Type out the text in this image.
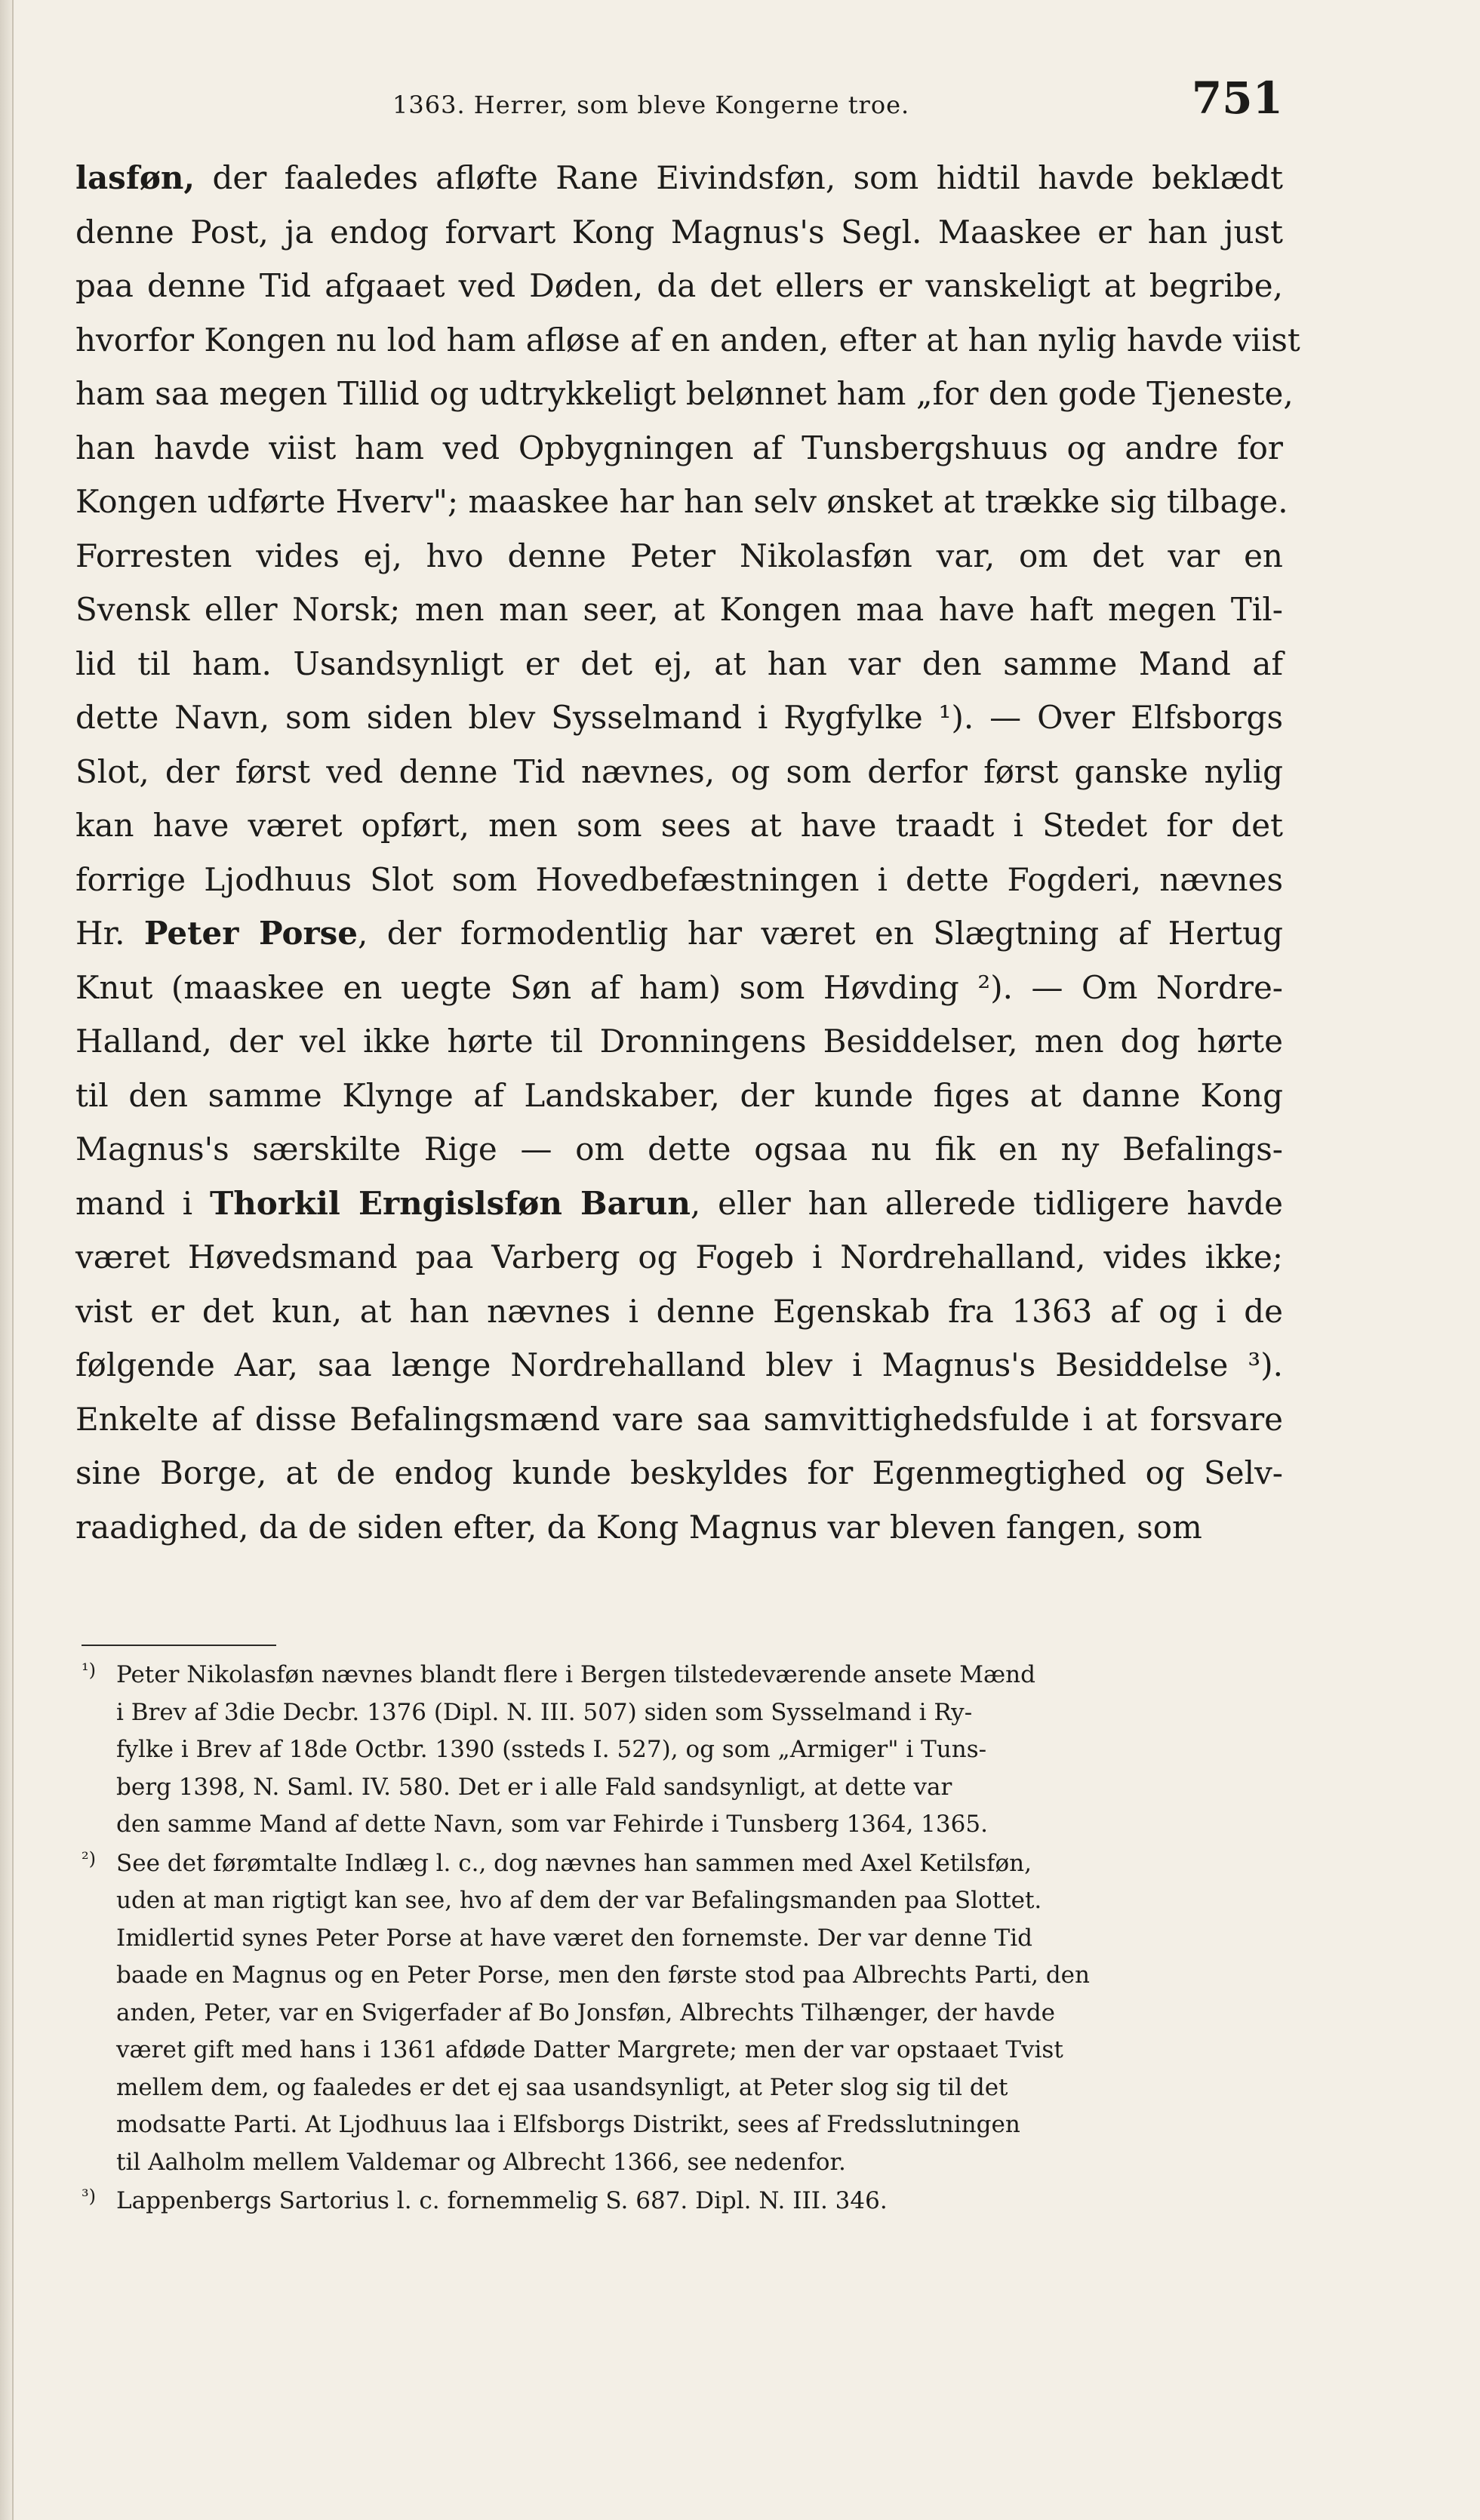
1363. Herrer, som bleve Kongerne troe.	751
lasføn, der faaledes afløfte Rane Eivindsføn, som hidtil havde beklædt
denne Post, ja endog forvart Kong Magnus's Segl. Maaskee er han just
paa denne Tid afgaaet ved Døden, da det ellers er vanskeligt at begribe,
hvorfor Kongen nu lod ham afløse af en anden, efter at han nylig havde viist
ham saa megen Tillid og udtrykkeligt belønnet ham „for den gode Tjeneste,
han havde viist ham ved Opbygningen af Tunsbergshuus og andre for
Kongen udførte Hverv"; maaskee har han selv ønsket at trække sig tilbage.
Forresten vides ej, hvo denne Peter Nikolasføn var, om det var en
Svensk eller Norsk; men man seer, at Kongen maa have haft megen Til-
lid til ham. Usandsynligt er det ej, at han var den samme Mand af
dette Navn, som siden blev Sysselmand i Rygfylke ¹). — Over Elfsborgs
Slot, der først ved denne Tid nævnes, og som derfor først ganske nylig
kan have været opført, men som sees at have traadt i Stedet for det
forrige Ljodhuus Slot som Hovedbefæstningen i dette Fogderi, nævnes
Hr. Peter Porse, der formodentlig har været en Slægtning af Hertug
Knut (maaskee en uegte Søn af ham) som Høvding ²). — Om Nordre-
Halland, der vel ikke hørte til Dronningens Besiddelser, men dog hørte
til den samme Klynge af Landskaber, der kunde figes at danne Kong
Magnus's særskilte Rige — om dette ogsaa nu fik en ny Befalings-
mand i Thorkil Erngislsføn Barun, eller han allerede tidligere havde
været Høvedsmand paa Varberg og Fogeb i Nordrehalland, vides ikke;
vist er det kun, at han nævnes i denne Egenskab fra 1363 af og i de
følgende Aar, saa længe Nordrehalland blev i Magnus's Besiddelse ³).
Enkelte af disse Befalingsmænd vare saa samvittighedsfulde i at forsvare
sine Borge, at de endog kunde beskyldes for Egenmegtighed og Selv-
raadighed, da de siden efter, da Kong Magnus var bleven fangen, som
¹) Peter Nikolasføn nævnes blandt flere i Bergen tilstedeværende ansete Mænd
i Brev af 3die Decbr. 1376 (Dipl. N. III. 507) siden som Sysselmand i Ry-
fylke i Brev af 18de Octbr. 1390 (ssteds I. 527), og som „Armiger" i Tuns-
berg 1398, N. Saml. IV. 580. Det er i alle Fald sandsynligt, at dette var
den samme Mand af dette Navn, som var Fehirde i Tunsberg 1364, 1365.
²) See det førømtalte Indlæg l. c., dog nævnes han sammen med Axel Ketilsføn,
uden at man rigtigt kan see, hvo af dem der var Befalingsmanden paa Slottet.
Imidlertid synes Peter Porse at have været den fornemste. Der var denne Tid
baade en Magnus og en Peter Porse, men den første stod paa Albrechts Parti, den
anden, Peter, var en Svigerfader af Bo Jonsføn, Albrechts Tilhænger, der havde
været gift med hans i 1361 afdøde Datter Margrete; men der var opstaaet Tvist
mellem dem, og faaledes er det ej saa usandsynligt, at Peter slog sig til det
modsatte Parti. At Ljodhuus laa i Elfsborgs Distrikt, sees af Fredsslutningen
til Aalholm mellem Valdemar og Albrecht 1366, see nedenfor.
³) Lappenbergs Sartorius l. c. fornemmelig S. 687. Dipl. N. III. 346.
